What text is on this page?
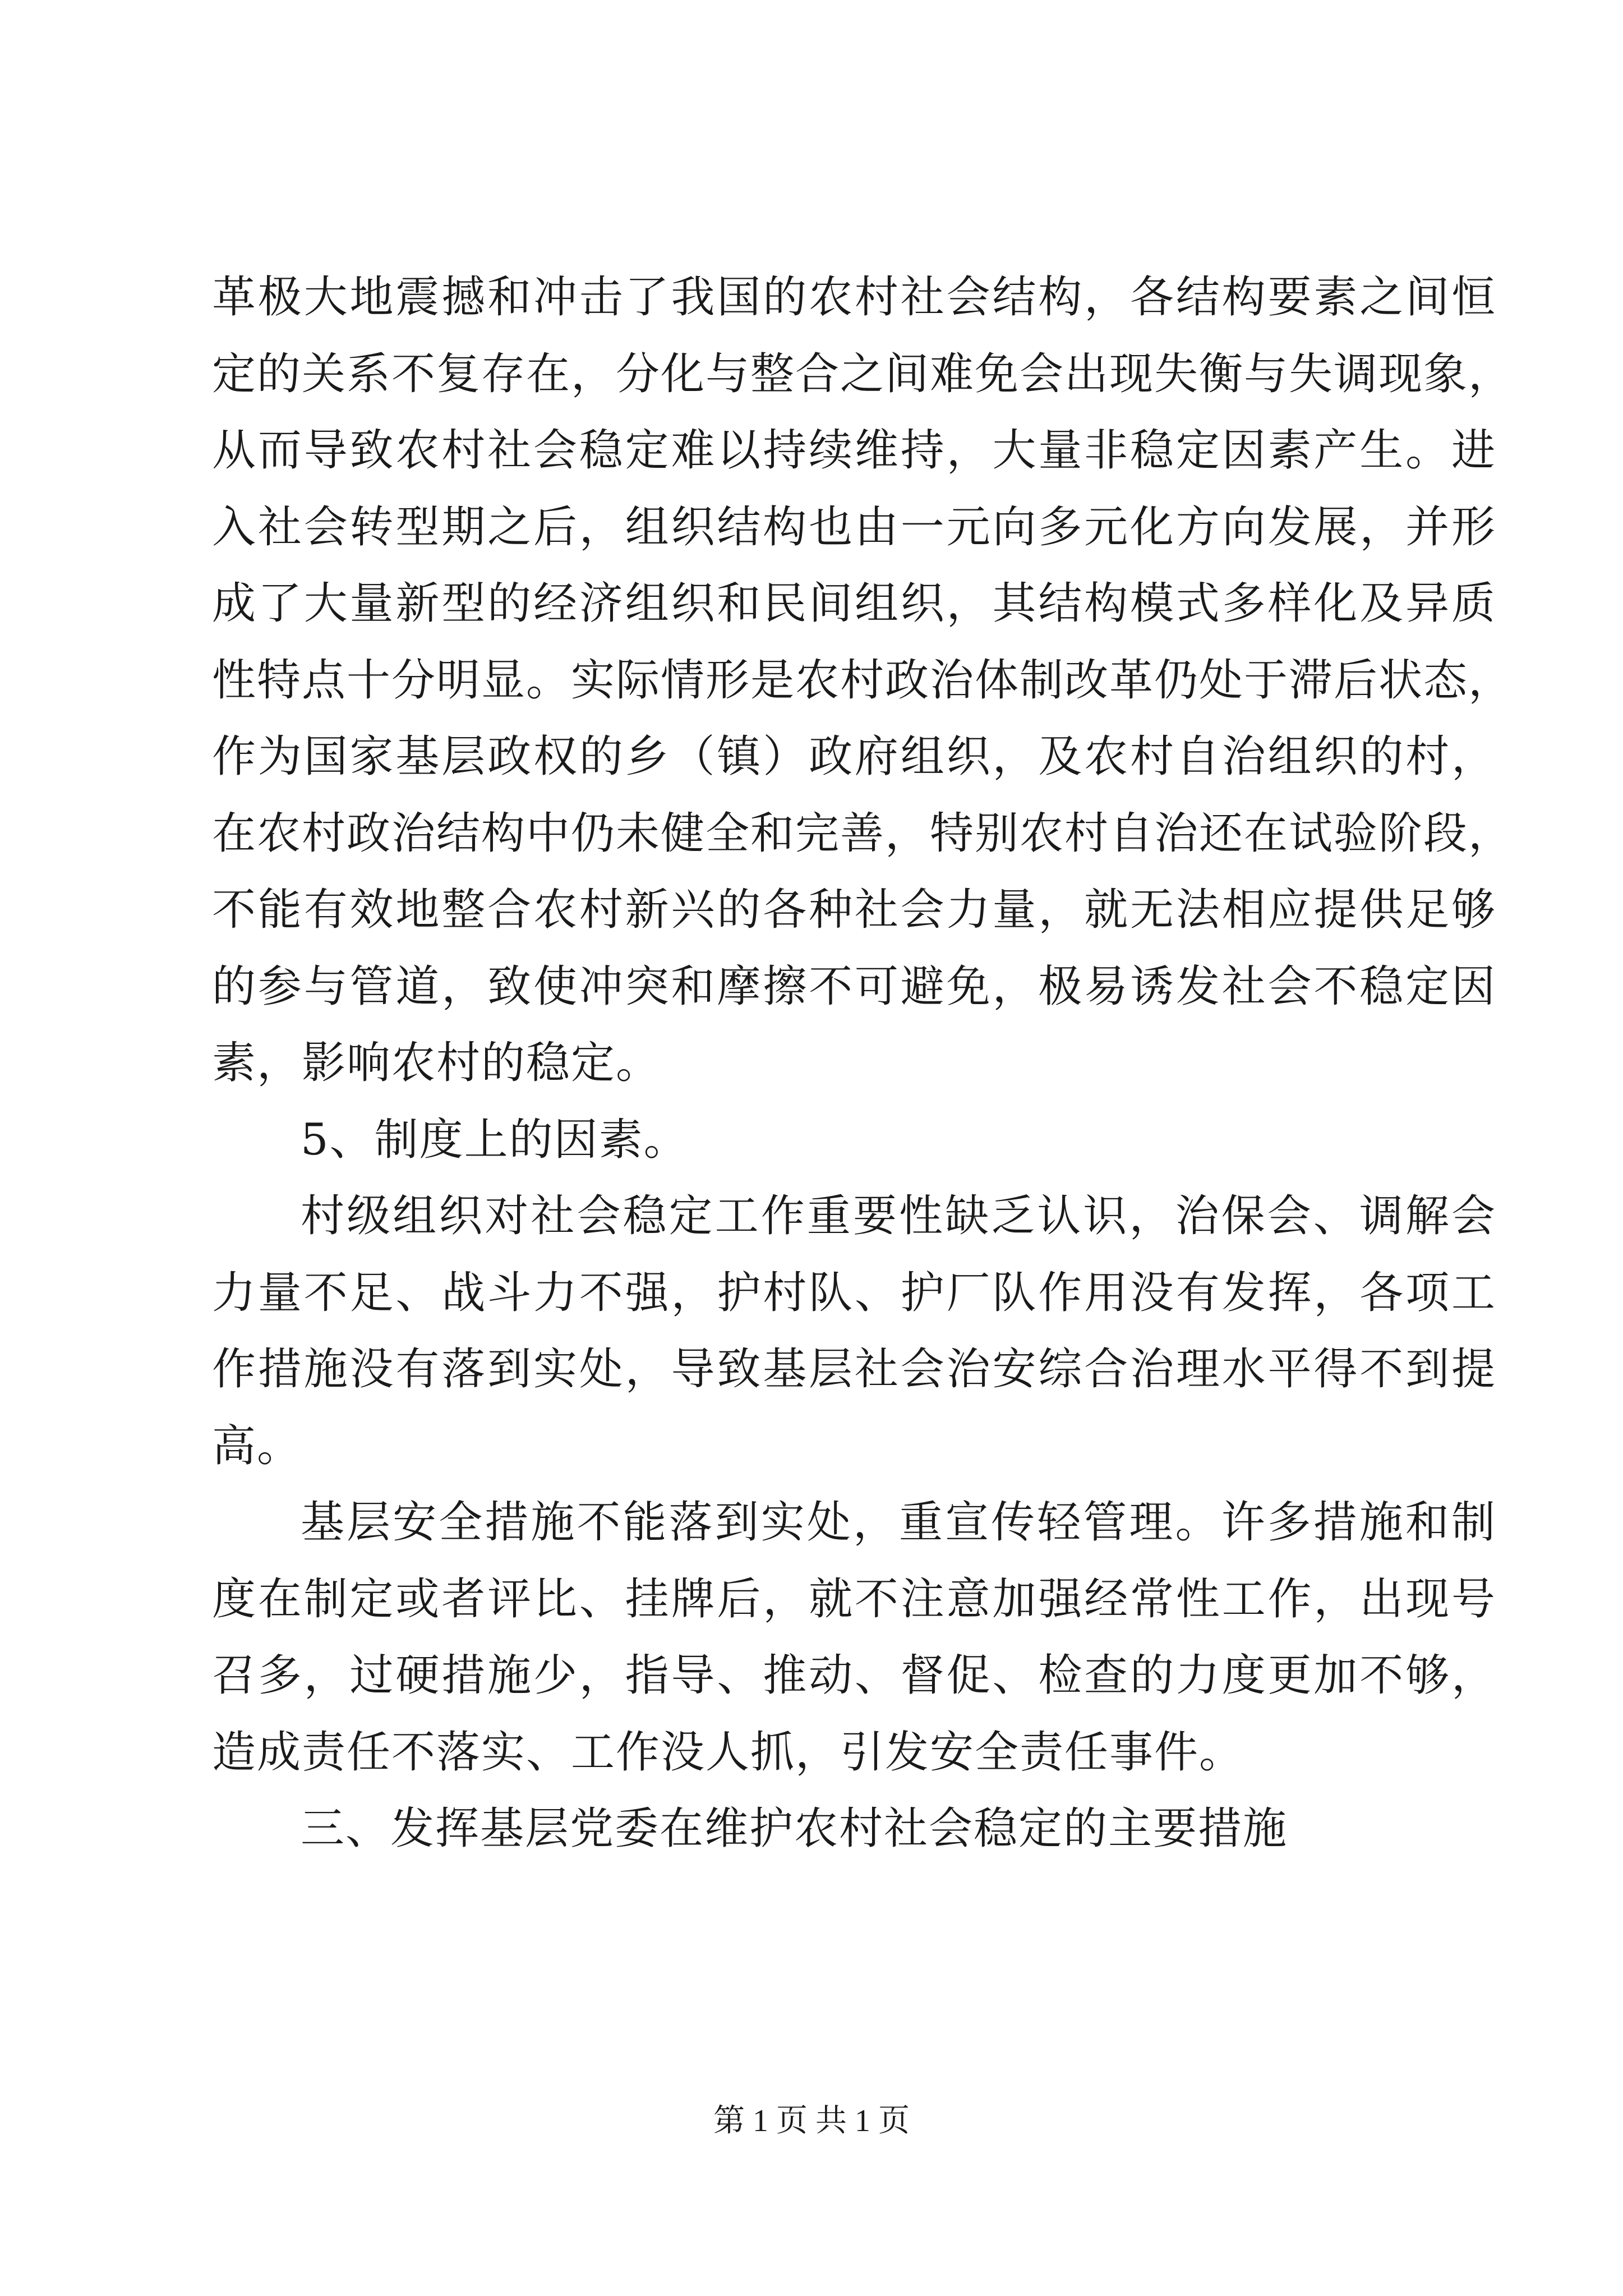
革极大地震撼和冲击了我国的农村社会结构，各结构要素之间恒
定的关系不复存在，分化与整合之间难免会出现失衡与失调现象，
从而导致农村社会稳定难以持续维持，大量非稳定因素产生。进
入社会转型期之后，组织结构也由一元向多元化方向发展，并形
成了大量新型的经济组织和民间组织，其结构模式多样化及异质
性特点十分明显。实际情形是农村政治体制改革仍处于滞后状态，
作为国家基层政权的乡（镇）政府组织，及农村自治组织的村，
在农村政治结构中仍未健全和完善，特别农村自治还在试验阶段，
不能有效地整合农村新兴的各种社会力量，就无法相应提供足够
的参与管道，致使冲突和摩擦不可避免，极易诱发社会不稳定因
素，影响农村的稳定。
5、制度上的因素。
村级组织对社会稳定工作重要性缺乏认识，治保会、调解会
力量不足、战斗力不强，护村队、护厂队作用没有发挥，各项工
作措施没有落到实处，导致基层社会治安综合治理水平得不到提
高。
基层安全措施不能落到实处，重宣传轻管理。许多措施和制
度在制定或者评比、挂牌后，就不注意加强经常性工作，出现号
召多，过硬措施少，指导、推动、督促、检查的力度更加不够，
造成责任不落实、工作没人抓，引发安全责任事件。
三、发挥基层党委在维护农村社会稳定的主要措施
第 1 页 共 1 页
